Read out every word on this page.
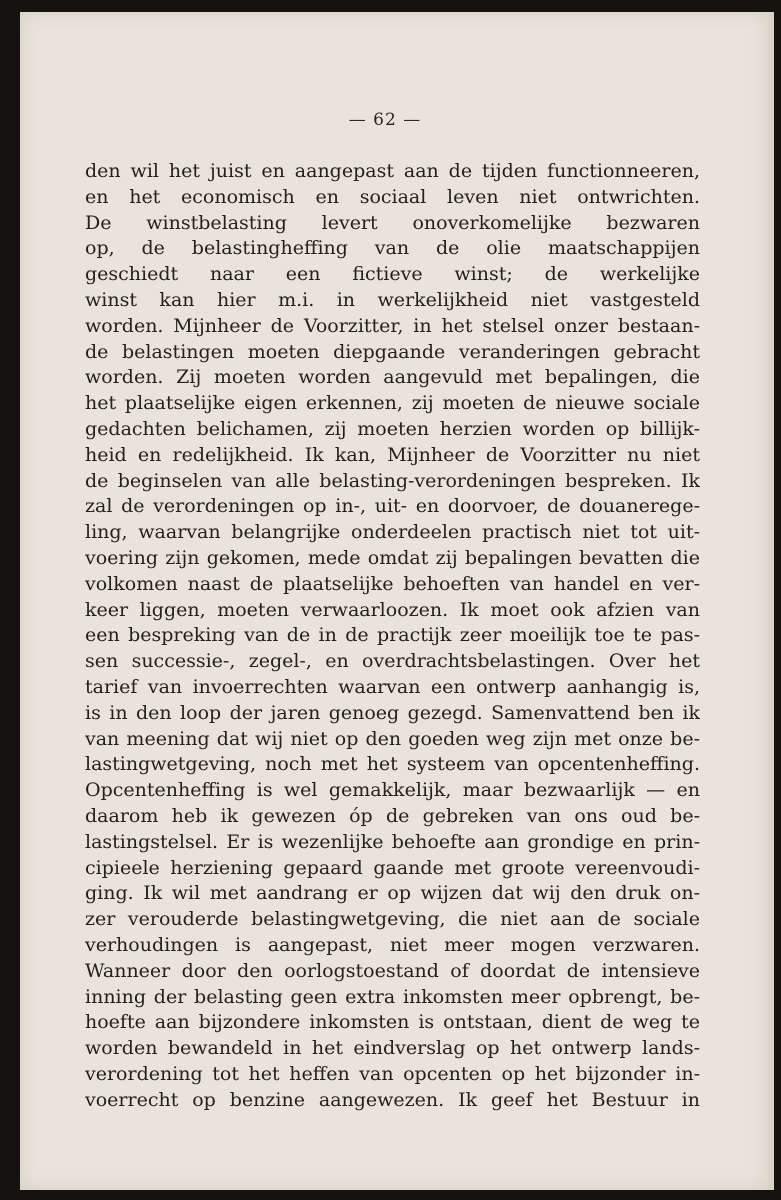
— 62 —
den wil het juist en aangepast aan de tijden functionneeren,
en het economisch en sociaal leven niet ontwrichten.
De winstbelasting levert onoverkomelijke bezwaren
op, de belastingheffing van de olie maatschappijen
geschiedt naar een fictieve winst; de werkelijke
winst kan hier m.i. in werkelijkheid niet vastgesteld
worden. Mijnheer de Voorzitter, in het stelsel onzer bestaan-
de belastingen moeten diepgaande veranderingen gebracht
worden. Zij moeten worden aangevuld met bepalingen, die
het plaatselijke eigen erkennen, zij moeten de nieuwe sociale
gedachten belichamen, zij moeten herzien worden op billijk-
heid en redelijkheid. Ik kan, Mijnheer de Voorzitter nu niet
de beginselen van alle belasting-verordeningen bespreken. Ik
zal de verordeningen op in-, uit- en doorvoer, de douanerege-
ling, waarvan belangrijke onderdeelen practisch niet tot uit-
voering zijn gekomen, mede omdat zij bepalingen bevatten die
volkomen naast de plaatselijke behoeften van handel en ver-
keer liggen, moeten verwaarloozen. Ik moet ook afzien van
een bespreking van de in de practijk zeer moeilijk toe te pas-
sen successie-, zegel-, en overdrachtsbelastingen. Over het
tarief van invoerrechten waarvan een ontwerp aanhangig is,
is in den loop der jaren genoeg gezegd. Samenvattend ben ik
van meening dat wij niet op den goeden weg zijn met onze be-
lastingwetgeving, noch met het systeem van opcentenheffing.
Opcentenheffing is wel gemakkelijk, maar bezwaarlijk — en
daarom heb ik gewezen óp de gebreken van ons oud be-
lastingstelsel. Er is wezenlijke behoefte aan grondige en prin-
cipieele herziening gepaard gaande met groote vereenvoudi-
ging. Ik wil met aandrang er op wijzen dat wij den druk on-
zer verouderde belastingwetgeving, die niet aan de sociale
verhoudingen is aangepast, niet meer mogen verzwaren.
Wanneer door den oorlogstoestand of doordat de intensieve
inning der belasting geen extra inkomsten meer opbrengt, be-
hoefte aan bijzondere inkomsten is ontstaan, dient de weg te
worden bewandeld in het eindverslag op het ontwerp lands-
verordening tot het heffen van opcenten op het bijzonder in-
voerrecht op benzine aangewezen. Ik geef het Bestuur in
